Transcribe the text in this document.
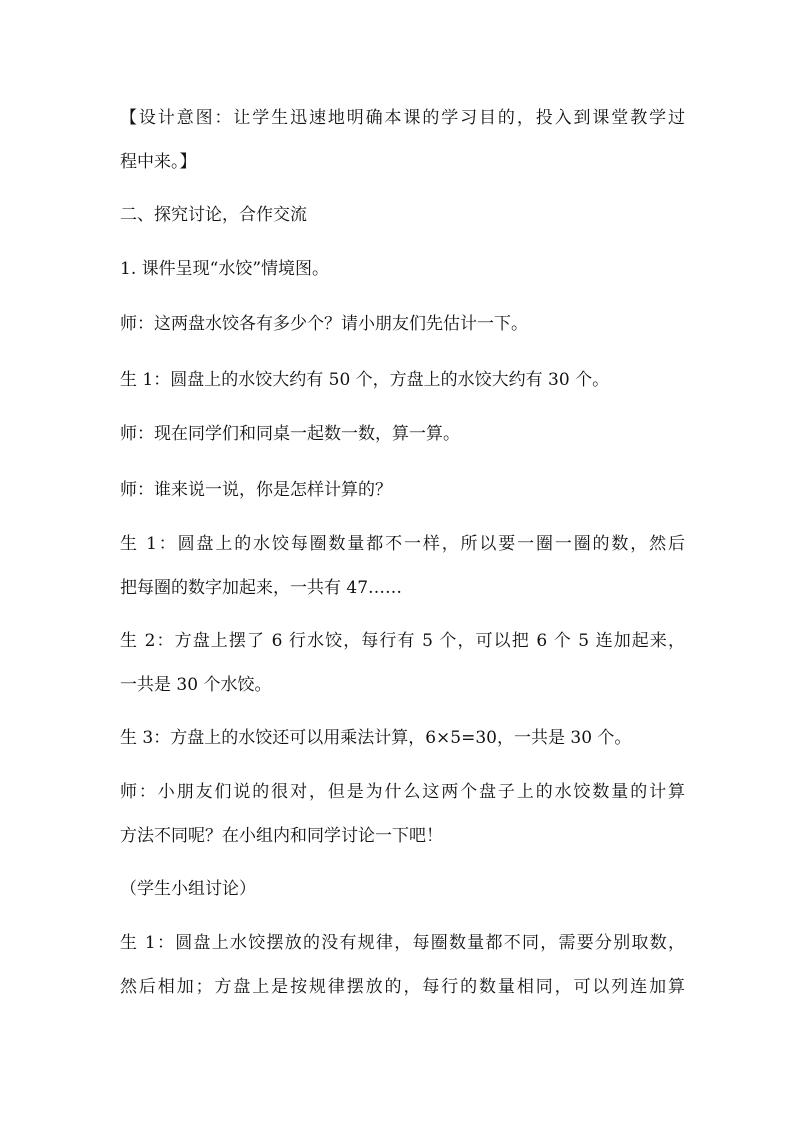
【设计意图：让学生迅速地明确本课的学习目的，投入到课堂教学过
程中来。】

二、探究讨论，合作交流

1. 课件呈现“水饺”情境图。

师：这两盘水饺各有多少个？请小朋友们先估计一下。

生 1：圆盘上的水饺大约有 50 个，方盘上的水饺大约有 30 个。

师：现在同学们和同桌一起数一数，算一算。

师：谁来说一说，你是怎样计算的？

生 1：圆盘上的水饺每圈数量都不一样，所以要一圈一圈的数，然后
把每圈的数字加起来，一共有 47……

生 2：方盘上摆了 6 行水饺，每行有 5 个，可以把 6 个 5 连加起来，
一共是 30 个水饺。

生 3：方盘上的水饺还可以用乘法计算，6×5=30，一共是 30 个。

师：小朋友们说的很对，但是为什么这两个盘子上的水饺数量的计算
方法不同呢？在小组内和同学讨论一下吧！

（学生小组讨论）

生 1：圆盘上水饺摆放的没有规律，每圈数量都不同，需要分别取数，
然后相加；方盘上是按规律摆放的，每行的数量相同，可以列连加算
